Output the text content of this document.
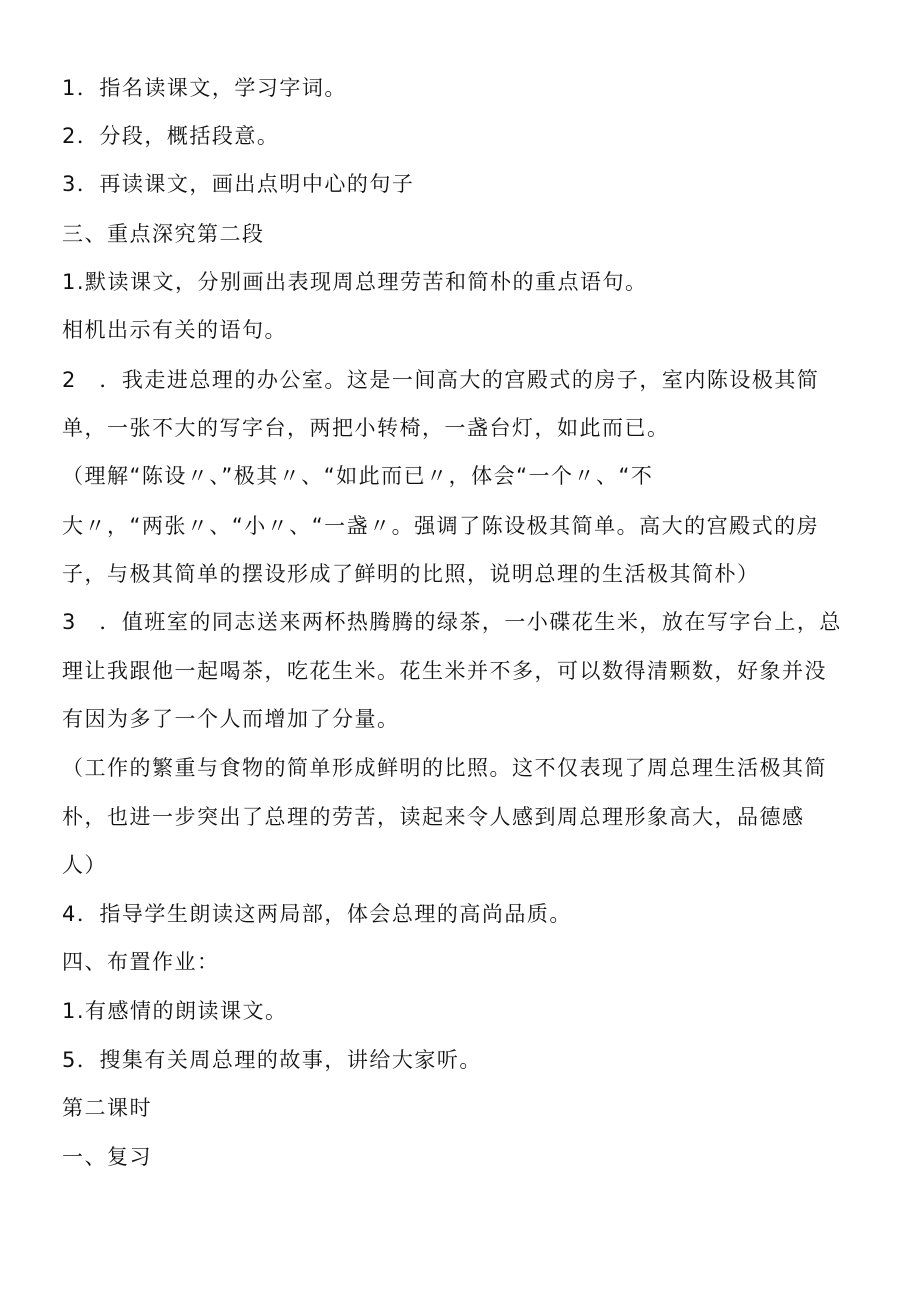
1．指名读课文，学习字词。
2．分段，概括段意。
3．再读课文，画出点明中心的句子
三、重点深究第二段
1.默读课文，分别画出表现周总理劳苦和简朴的重点语句。
相机出示有关的语句。
2　．我走进总理的办公室。这是一间高大的宫殿式的房子，室内陈设极其简
单，一张不大的写字台，两把小转椅，一盏台灯，如此而已。
（理解“陈设〃、”极其〃、“如此而已〃，体会“一个〃、“不
大〃，“两张〃、“小〃、“一盏〃。强调了陈设极其简单。高大的宫殿式的房
子，与极其简单的摆设形成了鲜明的比照，说明总理的生活极其简朴）
3　．值班室的同志送来两杯热腾腾的绿茶，一小碟花生米，放在写字台上，总
理让我跟他一起喝茶，吃花生米。花生米并不多，可以数得清颗数，好象并没
有因为多了一个人而增加了分量。
（工作的繁重与食物的简单形成鲜明的比照。这不仅表现了周总理生活极其简
朴，也进一步突出了总理的劳苦，读起来令人感到周总理形象高大，品德感
人）
4．指导学生朗读这两局部，体会总理的高尚品质。
四、布置作业：
1.有感情的朗读课文。
5．搜集有关周总理的故事，讲给大家听。
第二课时
一、复习
